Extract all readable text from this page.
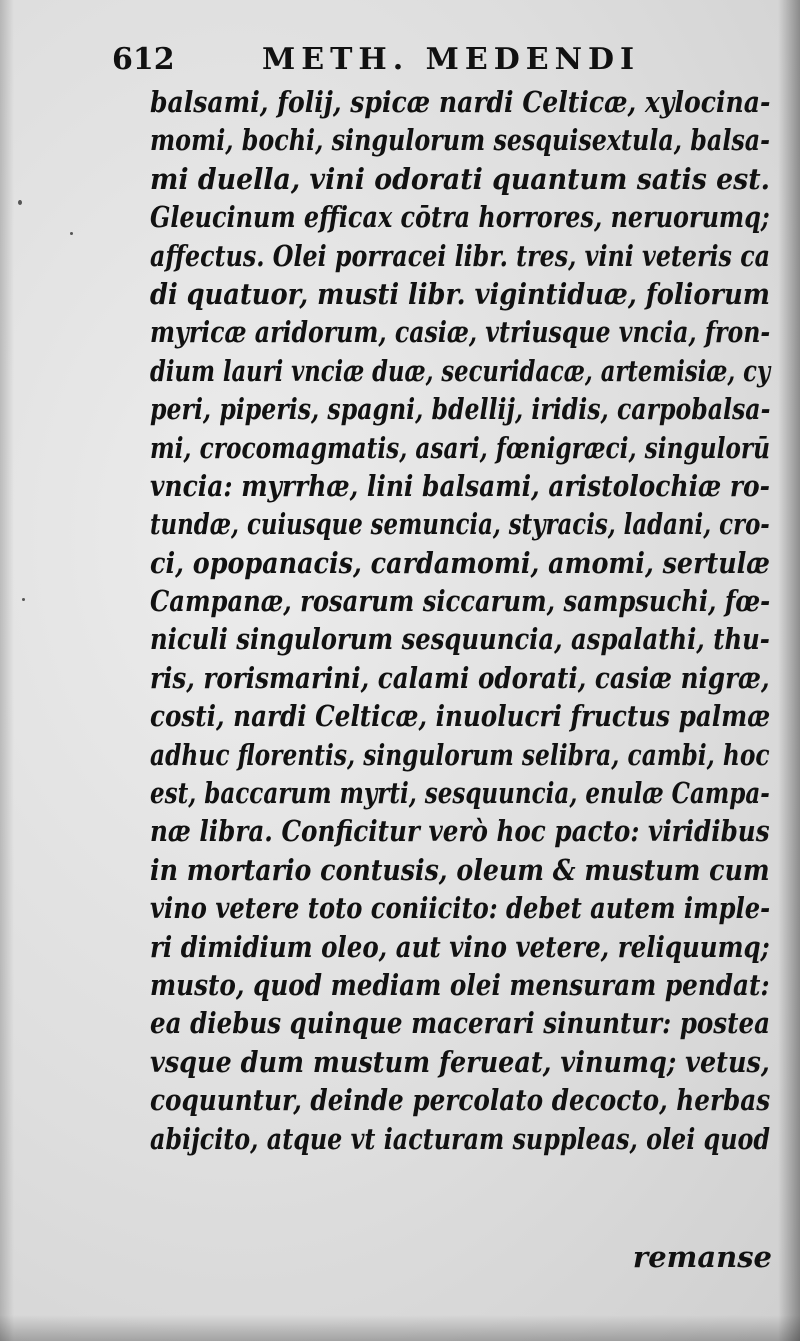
612	METH. MEDENDI
balsami, folij, spicæ nardi Celticæ, xylocina-
momi, bochi, singulorum sesquisextula, balsa-
mi duella, vini odorati quantum satis est.
Gleucinum efficax cōtra horrores, neruorumq;
affectus. Olei porracei libr. tres, vini veteris ca
di quatuor, musti libr. vigintiduæ, foliorum
myricæ aridorum, casiæ, vtriusque vncia, fron-
dium lauri vnciæ duæ, securidacæ, artemisiæ, cy
peri, piperis, spagni, bdellij, iridis, carpobalsa-
mi, crocomagmatis, asari, fœnigræci, singulorū
vncia: myrrhæ, lini balsami, aristolochiæ ro-
tundæ, cuiusque semuncia, styracis, ladani, cro-
ci, opopanacis, cardamomi, amomi, sertulæ
Campanæ, rosarum siccarum, sampsuchi, fœ-
niculi singulorum sesquuncia, aspalathi, thu-
ris, rorismarini, calami odorati, casiæ nigræ,
costi, nardi Celticæ, inuolucri fructus palmæ
adhuc florentis, singulorum selibra, cambi, hoc
est, baccarum myrti, sesquuncia, enulæ Campa-
næ libra. Conficitur verò hoc pacto: viridibus
in mortario contusis, oleum & mustum cum
vino vetere toto coniicito: debet autem imple-
ri dimidium oleo, aut vino vetere, reliquumq;
musto, quod mediam olei mensuram pendat:
ea diebus quinque macerari sinuntur: postea
vsque dum mustum ferueat, vinumq; vetus,
coquuntur, deinde percolato decocto, herbas
abijcito, atque vt iacturam suppleas, olei quod
remanse
